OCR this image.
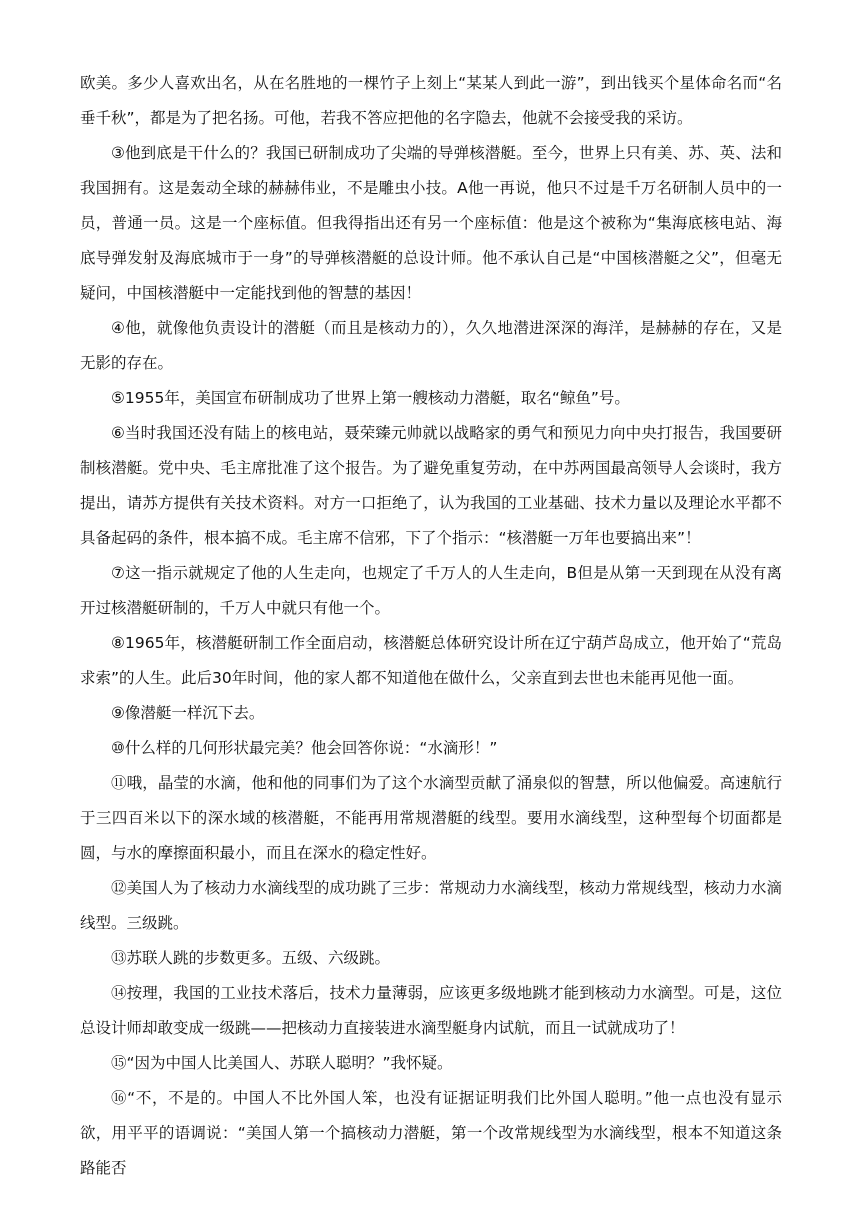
欧美。多少人喜欢出名，从在名胜地的一棵竹子上刻上“某某人到此一游”，到出钱买个星体命名而“名垂千秋”，都是为了把名扬。可他，若我不答应把他的名字隐去，他就不会接受我的采访。

③他到底是干什么的？我国已研制成功了尖端的导弹核潜艇。至今，世界上只有美、苏、英、法和我国拥有。这是轰动全球的赫赫伟业，不是雕虫小技。A他一再说，他只不过是千万名研制人员中的一员，普通一员。这是一个座标值。但我得指出还有另一个座标值：他是这个被称为“集海底核电站、海底导弹发射及海底城市于一身”的导弹核潜艇的总设计师。他不承认自己是“中国核潜艇之父”，但毫无疑问，中国核潜艇中一定能找到他的智慧的基因！

④他，就像他负责设计的潜艇（而且是核动力的），久久地潜进深深的海洋，是赫赫的存在，又是无影的存在。

⑤1955年，美国宣布研制成功了世界上第一艘核动力潜艇，取名“鲸鱼”号。

⑥当时我国还没有陆上的核电站，聂荣臻元帅就以战略家的勇气和预见力向中央打报告，我国要研制核潜艇。党中央、毛主席批准了这个报告。为了避免重复劳动，在中苏两国最高领导人会谈时，我方提出，请苏方提供有关技术资料。对方一口拒绝了，认为我国的工业基础、技术力量以及理论水平都不具备起码的条件，根本搞不成。毛主席不信邪，下了个指示：“核潜艇一万年也要搞出来”！

⑦这一指示就规定了他的人生走向，也规定了千万人的人生走向，B但是从第一天到现在从没有离开过核潜艇研制的，千万人中就只有他一个。

⑧1965年，核潜艇研制工作全面启动，核潜艇总体研究设计所在辽宁葫芦岛成立，他开始了“荒岛求索”的人生。此后30年时间，他的家人都不知道他在做什么，父亲直到去世也未能再见他一面。

⑨像潜艇一样沉下去。

⑩什么样的几何形状最完美？他会回答你说：“水滴形！”

⑪哦，晶莹的水滴，他和他的同事们为了这个水滴型贡献了涌泉似的智慧，所以他偏爱。高速航行于三四百米以下的深水域的核潜艇，不能再用常规潜艇的线型。要用水滴线型，这种型每个切面都是圆，与水的摩擦面积最小，而且在深水的稳定性好。

⑫美国人为了核动力水滴线型的成功跳了三步：常规动力水滴线型，核动力常规线型，核动力水滴线型。三级跳。

⑬苏联人跳的步数更多。五级、六级跳。

⑭按理，我国的工业技术落后，技术力量薄弱，应该更多级地跳才能到核动力水滴型。可是，这位总设计师却敢变成一级跳——把核动力直接装进水滴型艇身内试航，而且一试就成功了！

⑮“因为中国人比美国人、苏联人聪明？”我怀疑。

⑯“不，不是的。中国人不比外国人笨，也没有证据证明我们比外国人聪明。”他一点也没有显示欲，用平平的语调说：“美国人第一个搞核动力潜艇，第一个改常规线型为水滴线型，根本不知道这条路能否
